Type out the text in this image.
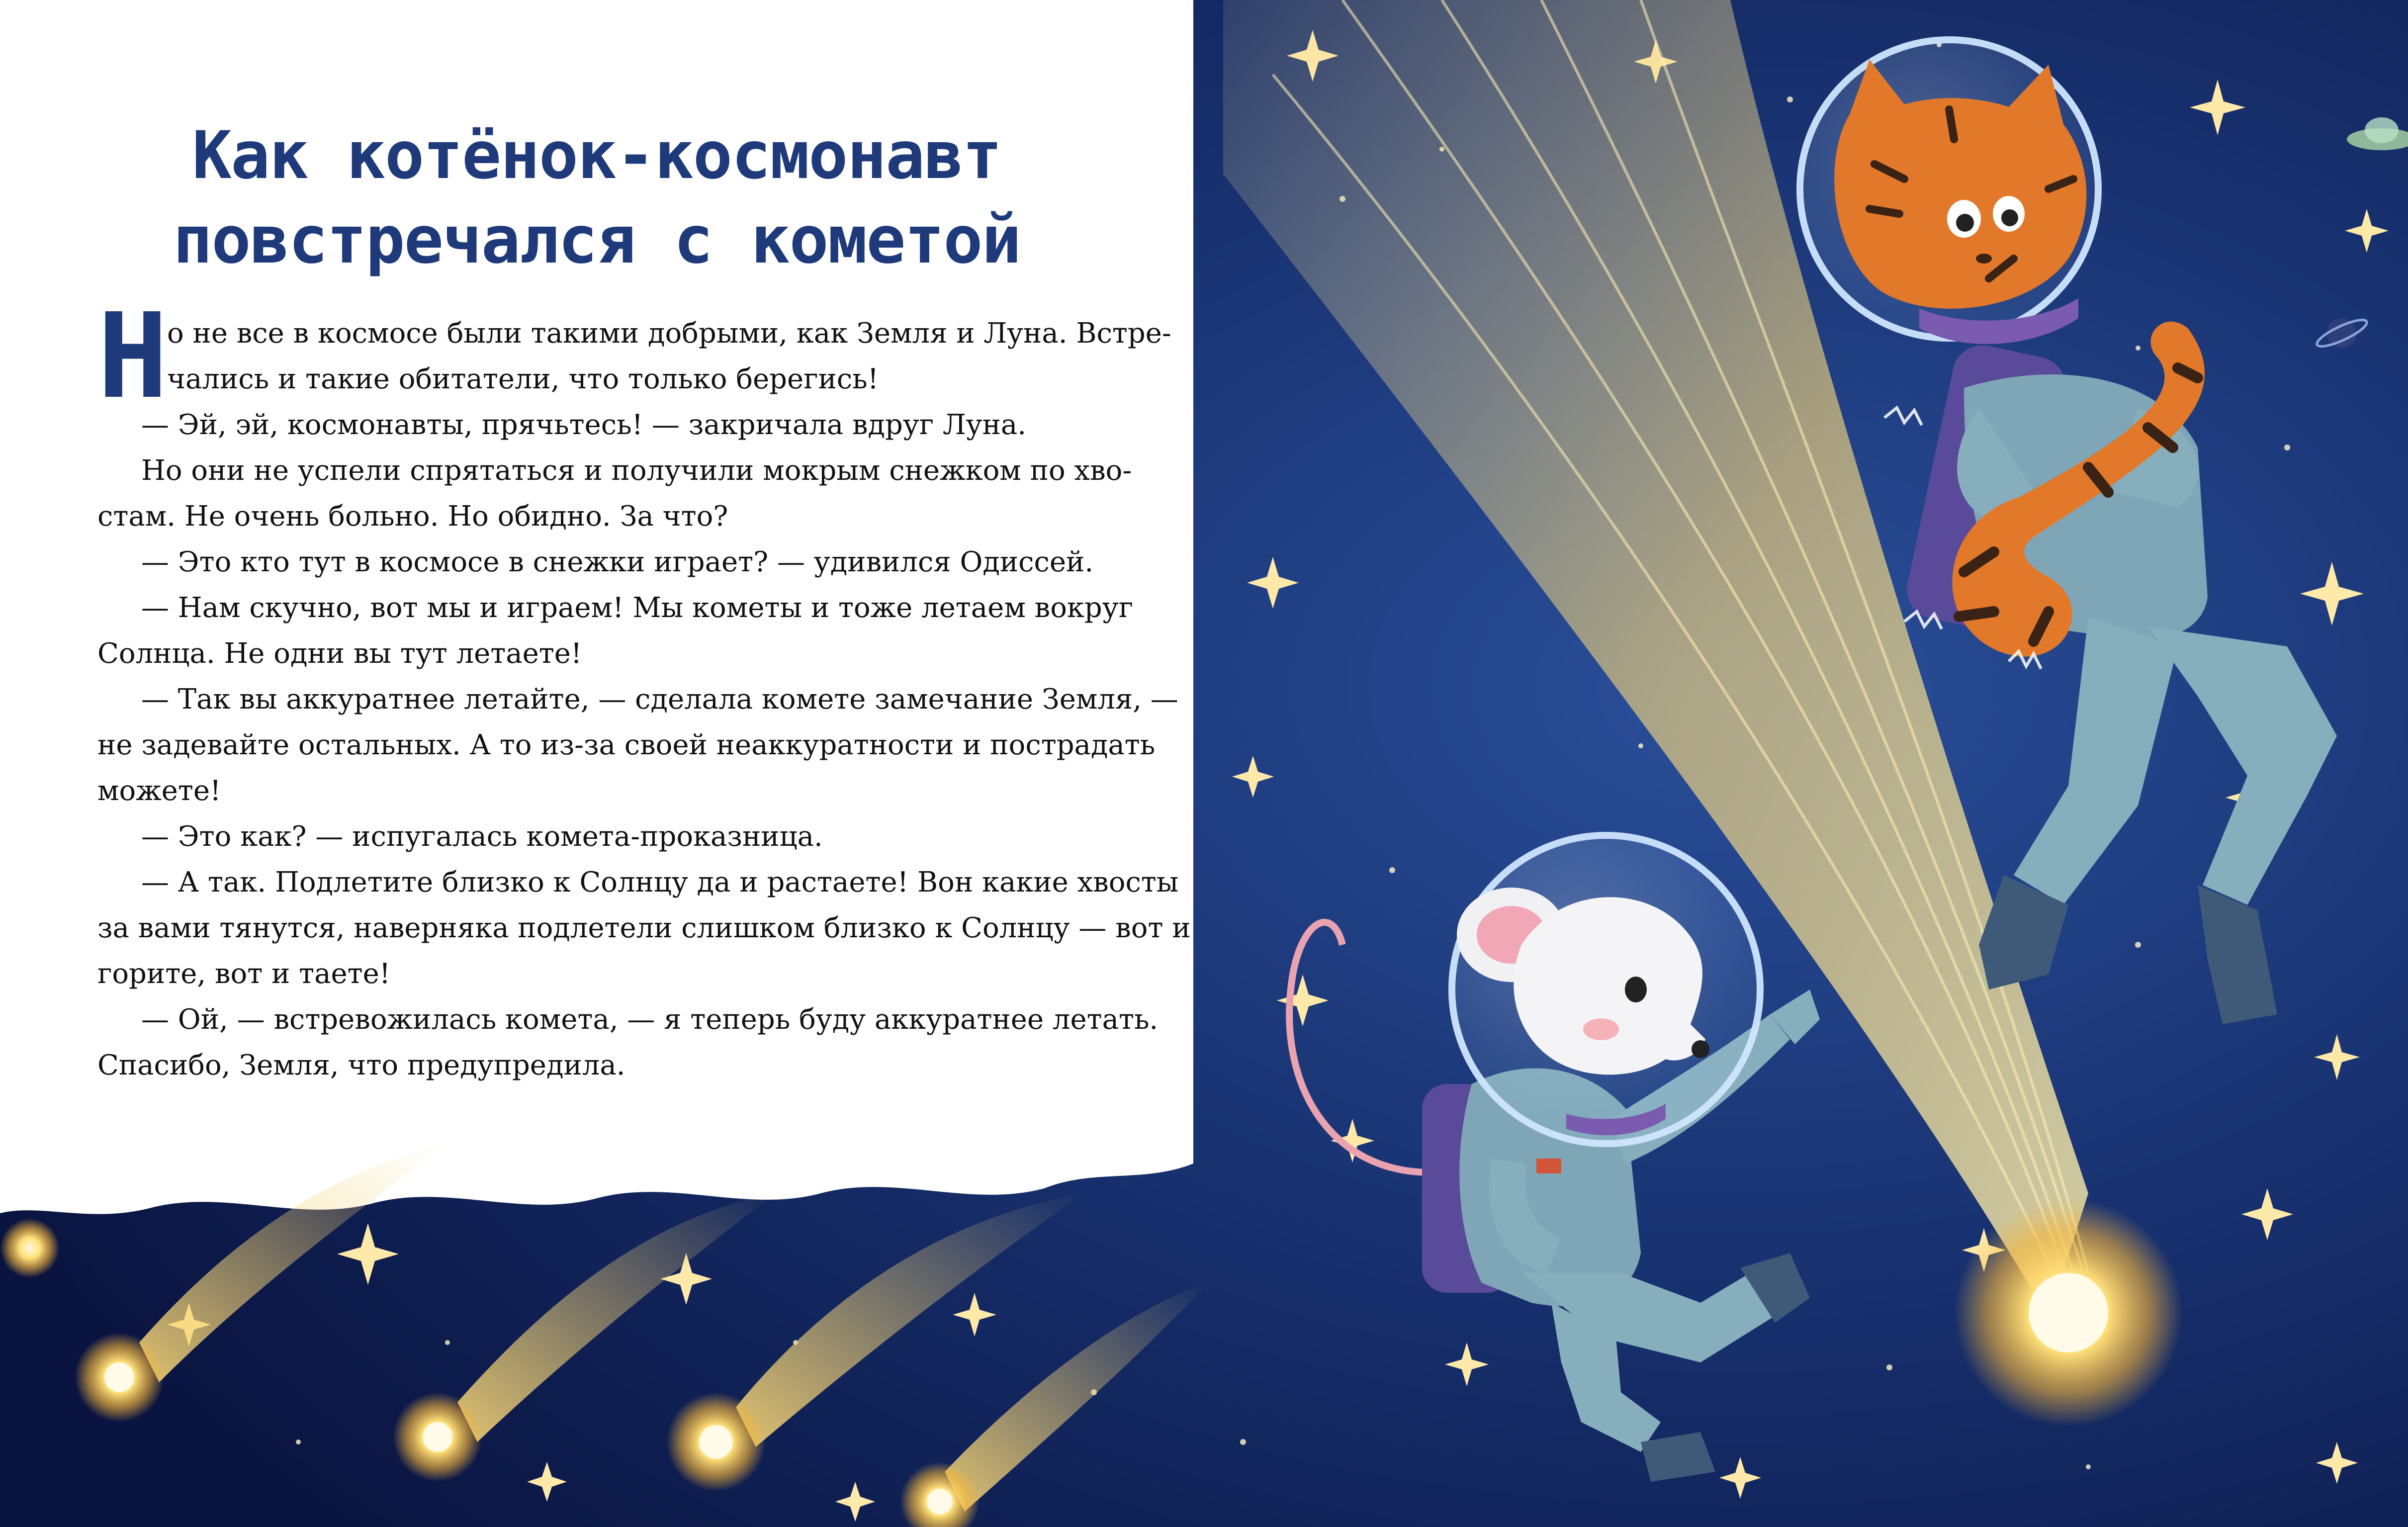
Как котёнок-космонавт
повстречался с кометой
Н
о не все в космосе были такими добрыми, как Земля и Луна. Встре-
чались и такие обитатели, что только берегись!
— Эй, эй, космонавты, прячьтесь! — закричала вдруг Луна.
Но они не успели спрятаться и получили мокрым снежком по хво-
стам. Не очень больно. Но обидно. За что?
— Это кто тут в космосе в снежки играет? — удивился Одиссей.
— Нам скучно, вот мы и играем! Мы кометы и тоже летаем вокруг
Солнца. Не одни вы тут летаете!
— Так вы аккуратнее летайте, — сделала комете замечание Земля, —
не задевайте остальных. А то из-за своей неаккуратности и пострадать
можете!
— Это как? — испугалась комета-проказница.
— А так. Подлетите близко к Солнцу да и растаете! Вон какие хвосты
за вами тянутся, наверняка подлетели слишком близко к Солнцу — вот и
горите, вот и таете!
— Ой, — встревожилась комета, — я теперь буду аккуратнее летать.
Спасибо, Земля, что предупредила.
